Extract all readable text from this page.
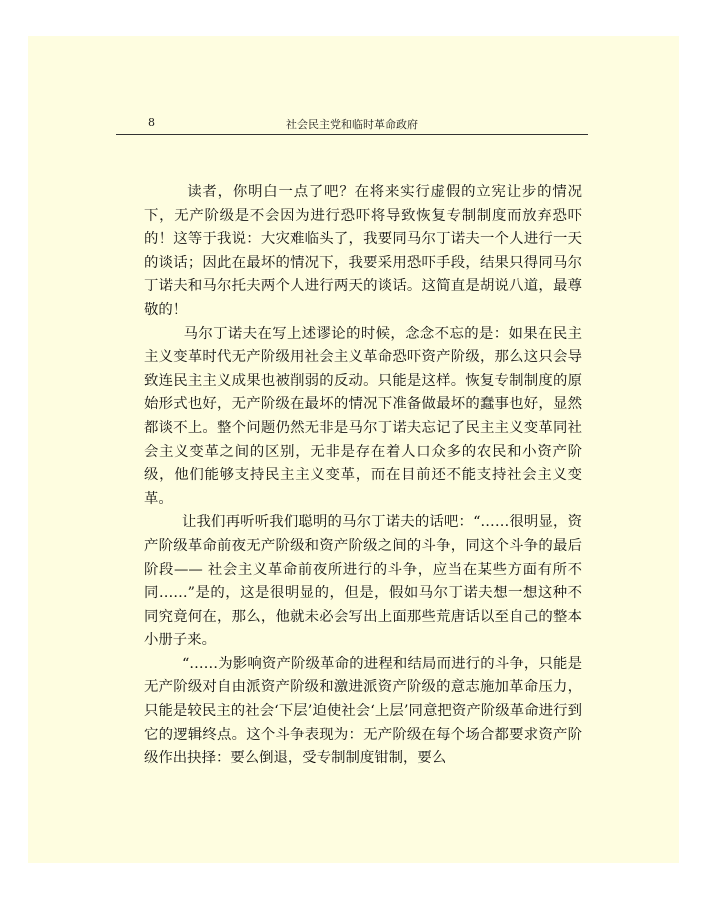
8	社会民主党和临时革命政府

读者，你明白一点了吧？在将来实行虚假的立宪让步的情况下，无产阶级是不会因为进行恐吓将导致恢复专制制度而放弃恐吓的！这等于我说：大灾难临头了，我要同马尔丁诺夫一个人进行一天的谈话；因此在最坏的情况下，我要采用恐吓手段，结果只得同马尔丁诺夫和马尔托夫两个人进行两天的谈话。这简直是胡说八道，最尊敬的！

马尔丁诺夫在写上述谬论的时候，念念不忘的是：如果在民主主义变革时代无产阶级用社会主义革命恐吓资产阶级，那么这只会导致连民主主义成果也被削弱的反动。只能是这样。恢复专制制度的原始形式也好，无产阶级在最坏的情况下准备做最坏的蠢事也好，显然都谈不上。整个问题仍然无非是马尔丁诺夫忘记了民主主义变革同社会主义变革之间的区别，无非是存在着人口众多的农民和小资产阶级，他们能够支持民主主义变革，而在目前还不能支持社会主义变革。

让我们再听听我们聪明的马尔丁诺夫的话吧：“……很明显，资产阶级革命前夜无产阶级和资产阶级之间的斗争，同这个斗争的最后阶段—— 社会主义革命前夜所进行的斗争，应当在某些方面有所不同……”是的，这是很明显的，但是，假如马尔丁诺夫想一想这种不同究竟何在，那么，他就未必会写出上面那些荒唐话以至自己的整本小册子来。

“……为影响资产阶级革命的进程和结局而进行的斗争，只能是无产阶级对自由派资产阶级和激进派资产阶级的意志施加革命压力，只能是较民主的社会‘下层’迫使社会‘上层’同意把资产阶级革命进行到它的逻辑终点。这个斗争表现为：无产阶级在每个场合都要求资产阶级作出抉择：要么倒退，受专制制度钳制，要么
